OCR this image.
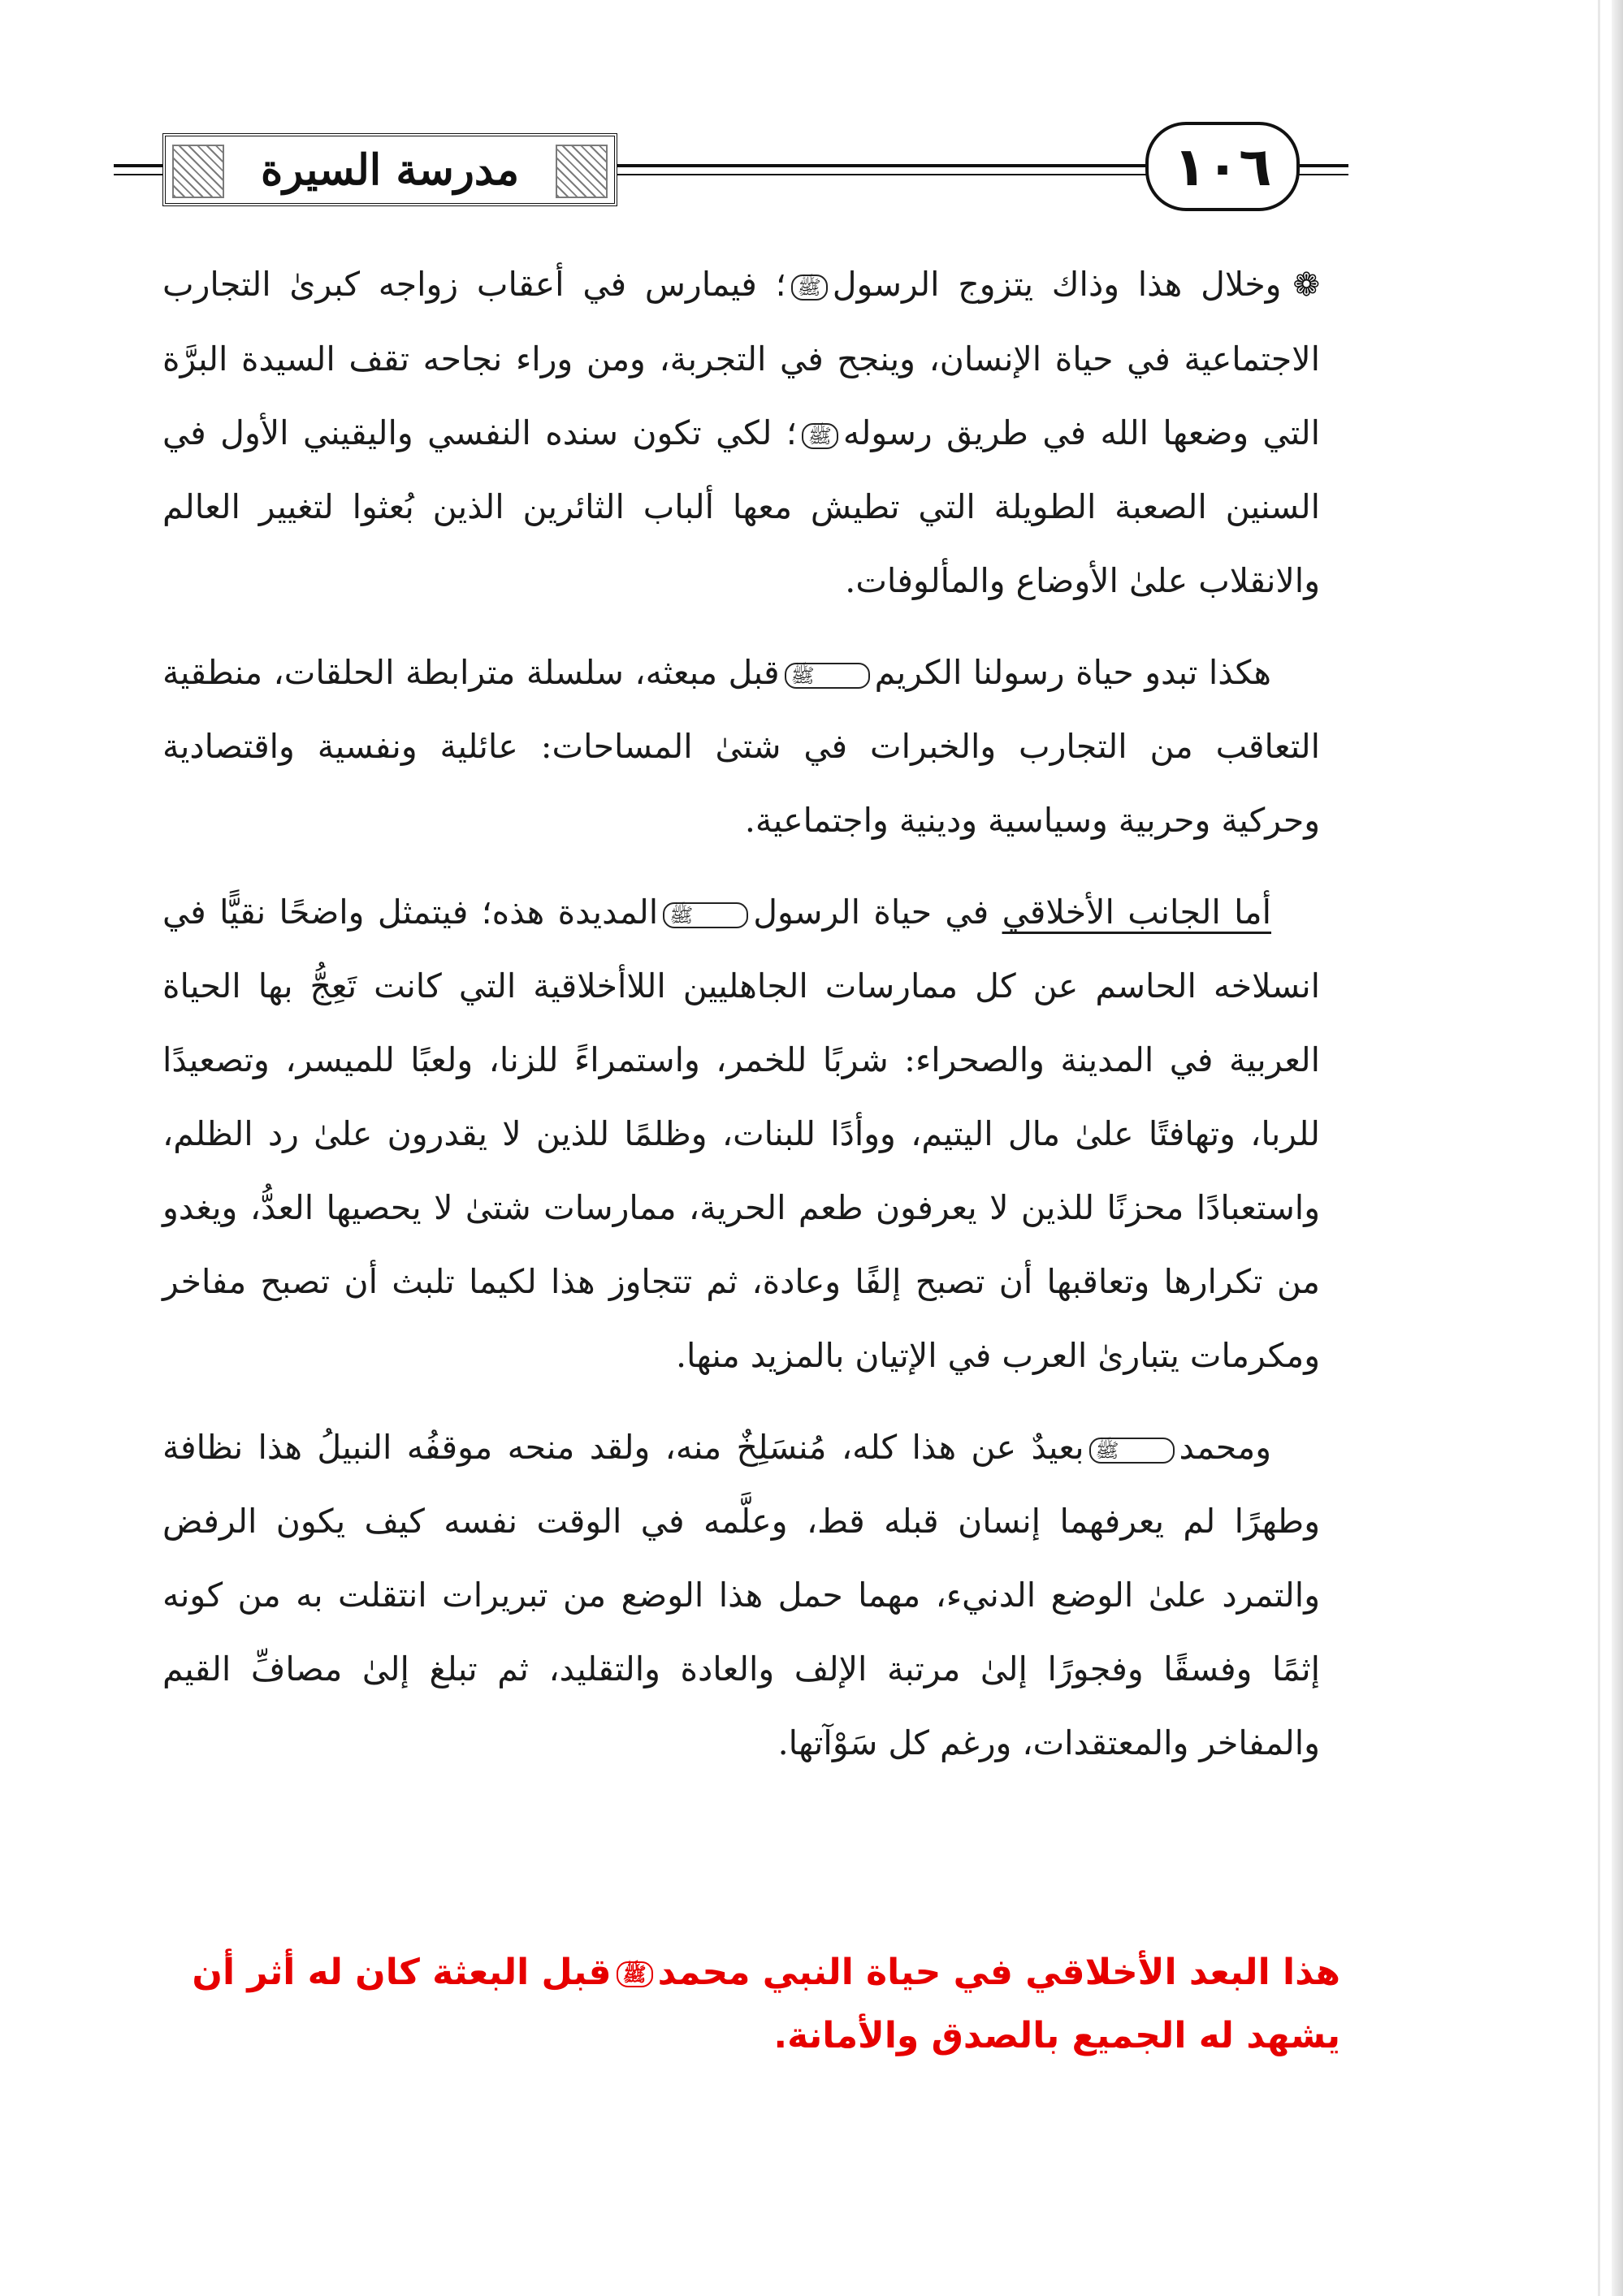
مدرسة السيرة	١٠٦

❁وخلال هذا وذاك يتزوج الرسولﷺ؛ فيمارس في أعقاب زواجه كبرىٰ التجارب الاجتماعية في حياة الإنسان، وينجح في التجربة، ومن وراء نجاحه تقف السيدة البرَّة التي وضعها الله في طريق رسولهﷺ؛ لكي تكون سنده النفسي واليقيني الأول في السنين الصعبة الطويلة التي تطيش معها ألباب الثائرين الذين بُعثوا لتغيير العالم والانقلاب علىٰ الأوضاع والمألوفات.

هكذا تبدو حياة رسولنا الكريمﷺقبل مبعثه، سلسلة مترابطة الحلقات، منطقية التعاقب من التجارب والخبرات في شتىٰ المساحات: عائلية ونفسية واقتصادية وحركية وحربية وسياسية ودينية واجتماعية.

أما الجانب الأخلاقي في حياة الرسولﷺالمديدة هذه؛ فيتمثل واضحًا نقيًّا في انسلاخه الحاسم عن كل ممارسات الجاهليين اللاأخلاقية التي كانت تَعِجُّ بها الحياة العربية في المدينة والصحراء: شربًا للخمر، واستمراءً للزنا، ولعبًا للميسر، وتصعيدًا للربا، وتهافتًا علىٰ مال اليتيم، ووأدًا للبنات، وظلمًا للذين لا يقدرون علىٰ رد الظلم، واستعبادًا محزنًا للذين لا يعرفون طعم الحرية، ممارسات شتىٰ لا يحصيها العدُّ، ويغدو من تكرارها وتعاقبها أن تصبح إلفًا وعادة، ثم تتجاوز هذا لكيما تلبث أن تصبح مفاخر ومكرمات يتبارىٰ العرب في الإتيان بالمزيد منها.

ومحمدﷺبعيدٌ عن هذا كله، مُنسَلِخٌ منه، ولقد منحه موقفُه النبيلُ هذا نظافة وطهرًا لم يعرفهما إنسان قبله قط، وعلَّمه في الوقت نفسه كيف يكون الرفض والتمرد علىٰ الوضع الدنيء، مهما حمل هذا الوضع من تبريرات انتقلت به من كونه إثمًا وفسقًا وفجورًا إلىٰ مرتبة الإلف والعادة والتقليد، ثم تبلغ إلىٰ مصافِّ القيم والمفاخر والمعتقدات، ورغم كل سَوْآتها.

هذا البعد الأخلاقي في حياة النبي محمدﷺقبل البعثة كان له أثر أن يشهد له الجميع بالصدق والأمانة.
